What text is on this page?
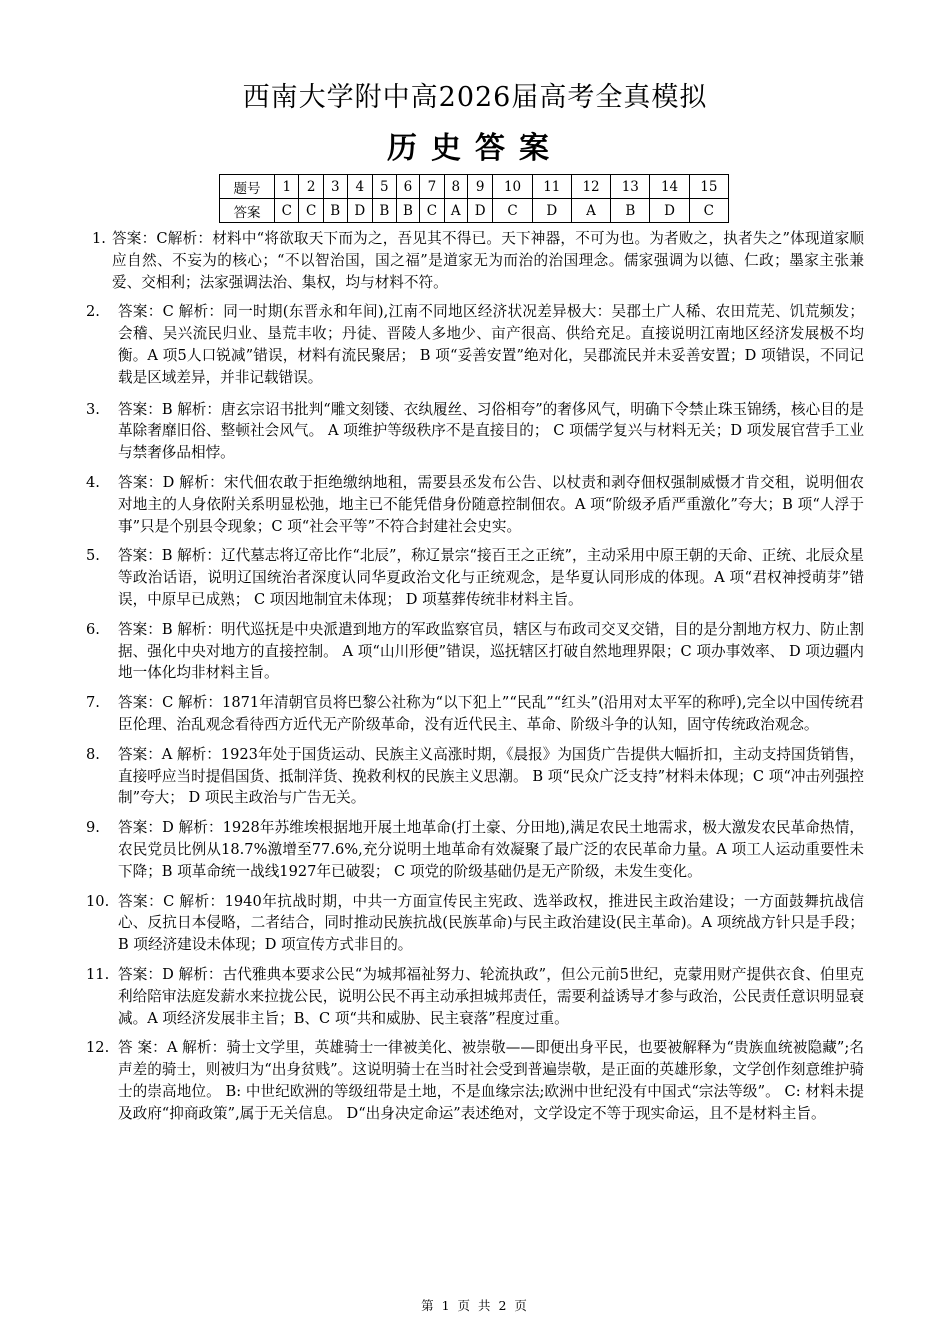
西南大学附中高2026届高考全真模拟
历史答案
题号	1	2	3	4	5	6	7	8	9	10	11	12	13	14	15
答案	C	C	B	D	B	B	C	A	D	C	D	A	B	D	C
1. 答案：C解析：材料中“将欲取天下而为之，吾见其不得已。天下神器，不可为也。为者败之，执者失之”体现道家顺应自然、不妄为的核心；“不以智治国，国之福”是道家无为而治的治国理念。儒家强调为以德、仁政；墨家主张兼爱、交相利；法家强调法治、集权，均与材料不符。
2.	答案：C 解析：同一时期(东晋永和年间),江南不同地区经济状况差异极大：吴郡土广人稀、农田荒芜、饥荒频发；会稽、吴兴流民归业、垦荒丰收；丹徒、晋陵人多地少、亩产很高、供给充足。直接说明江南地区经济发展极不均衡。A 项5人口锐减”错误，材料有流民聚居； B 项“妥善安置”绝对化，吴郡流民并未妥善安置；D 项错误，不同记载是区域差异，并非记载错误。
3.	答案：B 解析：唐玄宗诏书批判“雕文刻镂、衣纨履丝、习俗相夸”的奢侈风气，明确下令禁止珠玉锦绣，核心目的是革除奢靡旧俗、整顿社会风气。 A 项维护等级秩序不是直接目的； C 项儒学复兴与材料无关；D 项发展官营手工业与禁奢侈品相悖。
4.	答案：D 解析：宋代佃农敢于拒绝缴纳地租，需要县丞发布公告、以杖责和剥夺佃权强制威慑才肯交租，说明佃农对地主的人身依附关系明显松弛，地主已不能凭借身份随意控制佃农。A 项“阶级矛盾严重激化”夸大；B 项“人浮于事”只是个别县令现象；C 项“社会平等”不符合封建社会史实。
5.	答案：B 解析：辽代墓志将辽帝比作“北辰”，称辽景宗“接百王之正统”，主动采用中原王朝的天命、正统、北辰众星等政治话语，说明辽国统治者深度认同华夏政治文化与正统观念，是华夏认同形成的体现。A 项“君权神授萌芽”错误，中原早已成熟； C 项因地制宜未体现； D 项墓葬传统非材料主旨。
6.	答案：B 解析：明代巡抚是中央派遣到地方的军政监察官员，辖区与布政司交叉交错，目的是分割地方权力、防止割据、强化中央对地方的直接控制。 A 项“山川形便”错误，巡抚辖区打破自然地理界限；C 项办事效率、 D 项边疆内地一体化均非材料主旨。
7.	答案：C 解析：1871年清朝官员将巴黎公社称为“以下犯上”“民乱”“红头”(沿用对太平军的称呼),完全以中国传统君臣伦理、治乱观念看待西方近代无产阶级革命，没有近代民主、革命、阶级斗争的认知，固守传统政治观念。
8.	答案：A 解析：1923年处于国货运动、民族主义高涨时期，《晨报》为国货广告提供大幅折扣，主动支持国货销售，直接呼应当时提倡国货、抵制洋货、挽救利权的民族主义思潮。 B 项“民众广泛支持”材料未体现；C 项“冲击列强控制”夸大； D 项民主政治与广告无关。
9.	答案：D 解析：1928年苏维埃根据地开展土地革命(打土豪、分田地),满足农民土地需求，极大激发农民革命热情，农民党员比例从18.7%激增至77.6%,充分说明土地革命有效凝聚了最广泛的农民革命力量。A 项工人运动重要性未下降；B 项革命统一战线1927年已破裂； C 项党的阶级基础仍是无产阶级，未发生变化。
10. 答案：C 解析：1940年抗战时期，中共一方面宣传民主宪政、选举政权，推进民主政治建设；一方面鼓舞抗战信心、反抗日本侵略，二者结合，同时推动民族抗战(民族革命)与民主政治建设(民主革命)。A 项统战方针只是手段；B 项经济建设未体现；D 项宣传方式非目的。
11. 答案：D 解析：古代雅典本要求公民“为城邦福祉努力、轮流执政”，但公元前5世纪，克蒙用财产提供衣食、伯里克利给陪审法庭发薪水来拉拢公民，说明公民不再主动承担城邦责任，需要利益诱导才参与政治，公民责任意识明显衰减。A 项经济发展非主旨；B、C 项“共和威胁、民主衰落”程度过重。
12. 答 案：A 解析：骑士文学里，英雄骑士一律被美化、被崇敬——即便出身平民，也要被解释为“贵族血统被隐藏”;名声差的骑士，则被归为“出身贫贱”。这说明骑士在当时社会受到普遍崇敬，是正面的英雄形象，文学创作刻意维护骑士的崇高地位。 B: 中世纪欧洲的等级纽带是土地，不是血缘宗法;欧洲中世纪没有中国式“宗法等级”。 C: 材料未提及政府“抑商政策”,属于无关信息。 D“出身决定命运”表述绝对，文学设定不等于现实命运，且不是材料主旨。
第 1 页 共 2 页
